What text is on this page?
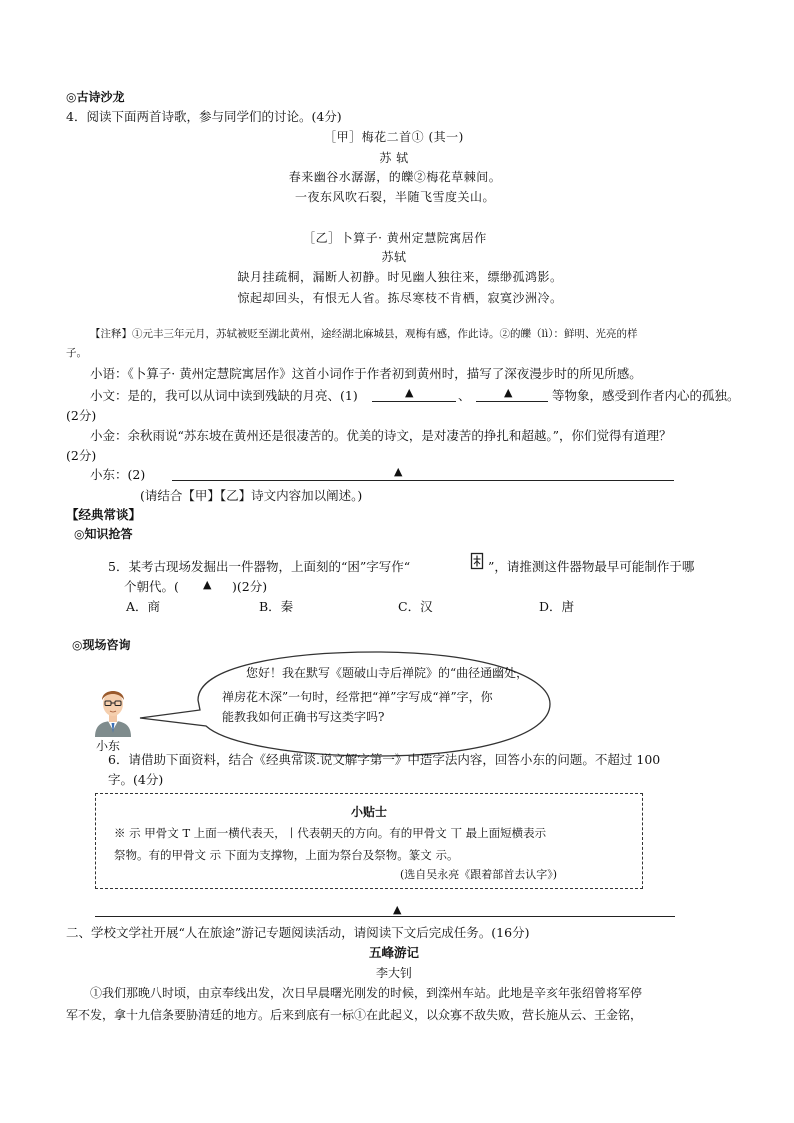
◎古诗沙龙
4．阅读下面两首诗歌，参与同学们的讨论。(4分)
［甲］梅花二首① (其一)
苏 轼
春来幽谷水潺潺，的皪②梅花草棘间。
一夜东风吹石裂，半随飞雪度关山。
［乙］卜算子· 黄州定慧院寓居作
苏轼
缺月挂疏桐，漏断人初静。时见幽人独往来，缥缈孤鸿影。
惊起却回头，有恨无人省。拣尽寒枝不肯栖，寂寞沙洲冷。
【注释】①元丰三年元月，苏轼被贬至湖北黄州，途经湖北麻城县，观梅有感，作此诗。②的皪（lì）：鲜明、光亮的样
子。
小语：《卜算子· 黄州定慧院寓居作》这首小词作于作者初到黄州时，描写了深夜漫步时的所见所感。
小文：是的，我可以从词中读到残缺的月亮、(1)	▲	、	▲	等物象，感受到作者内心的孤独。
(2分)
小金：余秋雨说“苏东坡在黄州还是很凄苦的。优美的诗文，是对凄苦的挣扎和超越。”，你们觉得有道理？
(2分)
小东：(2)	▲
(请结合【甲】【乙】诗文内容加以阐述。)
【经典常谈】
◎知识抢答
5．某考古现场发掘出一件器物，上面刻的“困”字写作“	”，请推测这件器物最早可能制作于哪
个朝代。( ▲ )(2分)
A．商	B．秦	C．汉	D．唐
◎现场咨询
您好！我在默写《题破山寺后禅院》的“曲径通幽处，
禅房花木深”一句时，经常把“禅”字写成“禅”字，你
能教我如何正确书写这类字吗?
小东
6．请借助下面资料，结合《经典常谈.说文解字第一》中造字法内容，回答小东的问题。不超过 100
字。(4分)
小贴士
※ 示 甲骨文 T 上面一横代表天，丨代表朝天的方向。有的甲骨文 丅 最上面短横表示
祭物。有的甲骨文 示 下面为支撑物，上面为祭台及祭物。篆文 示。
(选自吴永亮《跟着部首去认字》)
▲
二、学校文学社开展“人在旅途”游记专题阅读活动，请阅读下文后完成任务。(16分)
五峰游记
李大钊
①我们那晚八时顷，由京奉线出发，次日早晨曙光刚发的时候，到滦州车站。此地是辛亥年张绍曾将军停
军不发，拿十九信条要胁清廷的地方。后来到底有一标①在此起义，以众寡不敌失败，营长施从云、王金铭，
